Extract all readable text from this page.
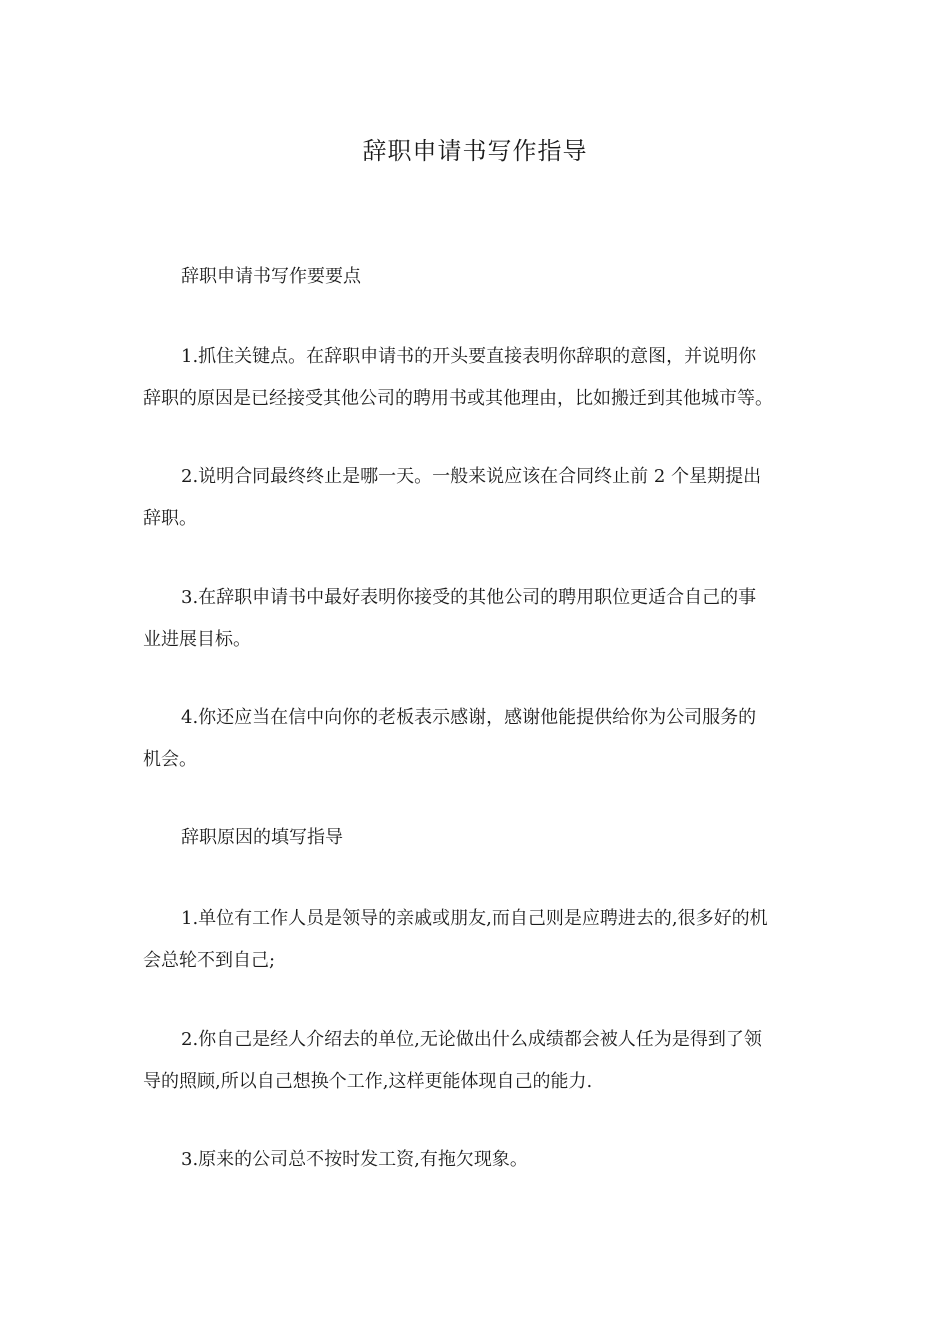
辞职申请书写作指导
辞职申请书写作要要点
1.抓住关键点。在辞职申请书的开头要直接表明你辞职的意图，并说明你
辞职的原因是已经接受其他公司的聘用书或其他理由，比如搬迁到其他城市等。
2.说明合同最终终止是哪一天。一般来说应该在合同终止前 2 个星期提出
辞职。
3.在辞职申请书中最好表明你接受的其他公司的聘用职位更适合自己的事
业进展目标。
4.你还应当在信中向你的老板表示感谢，感谢他能提供给你为公司服务的
机会。
辞职原因的填写指导
1.单位有工作人员是领导的亲戚或朋友,而自己则是应聘进去的,很多好的机
会总轮不到自己;
2.你自己是经人介绍去的单位,无论做出什么成绩都会被人任为是得到了领
导的照顾,所以自己想换个工作,这样更能体现自己的能力.
3.原来的公司总不按时发工资,有拖欠现象。
